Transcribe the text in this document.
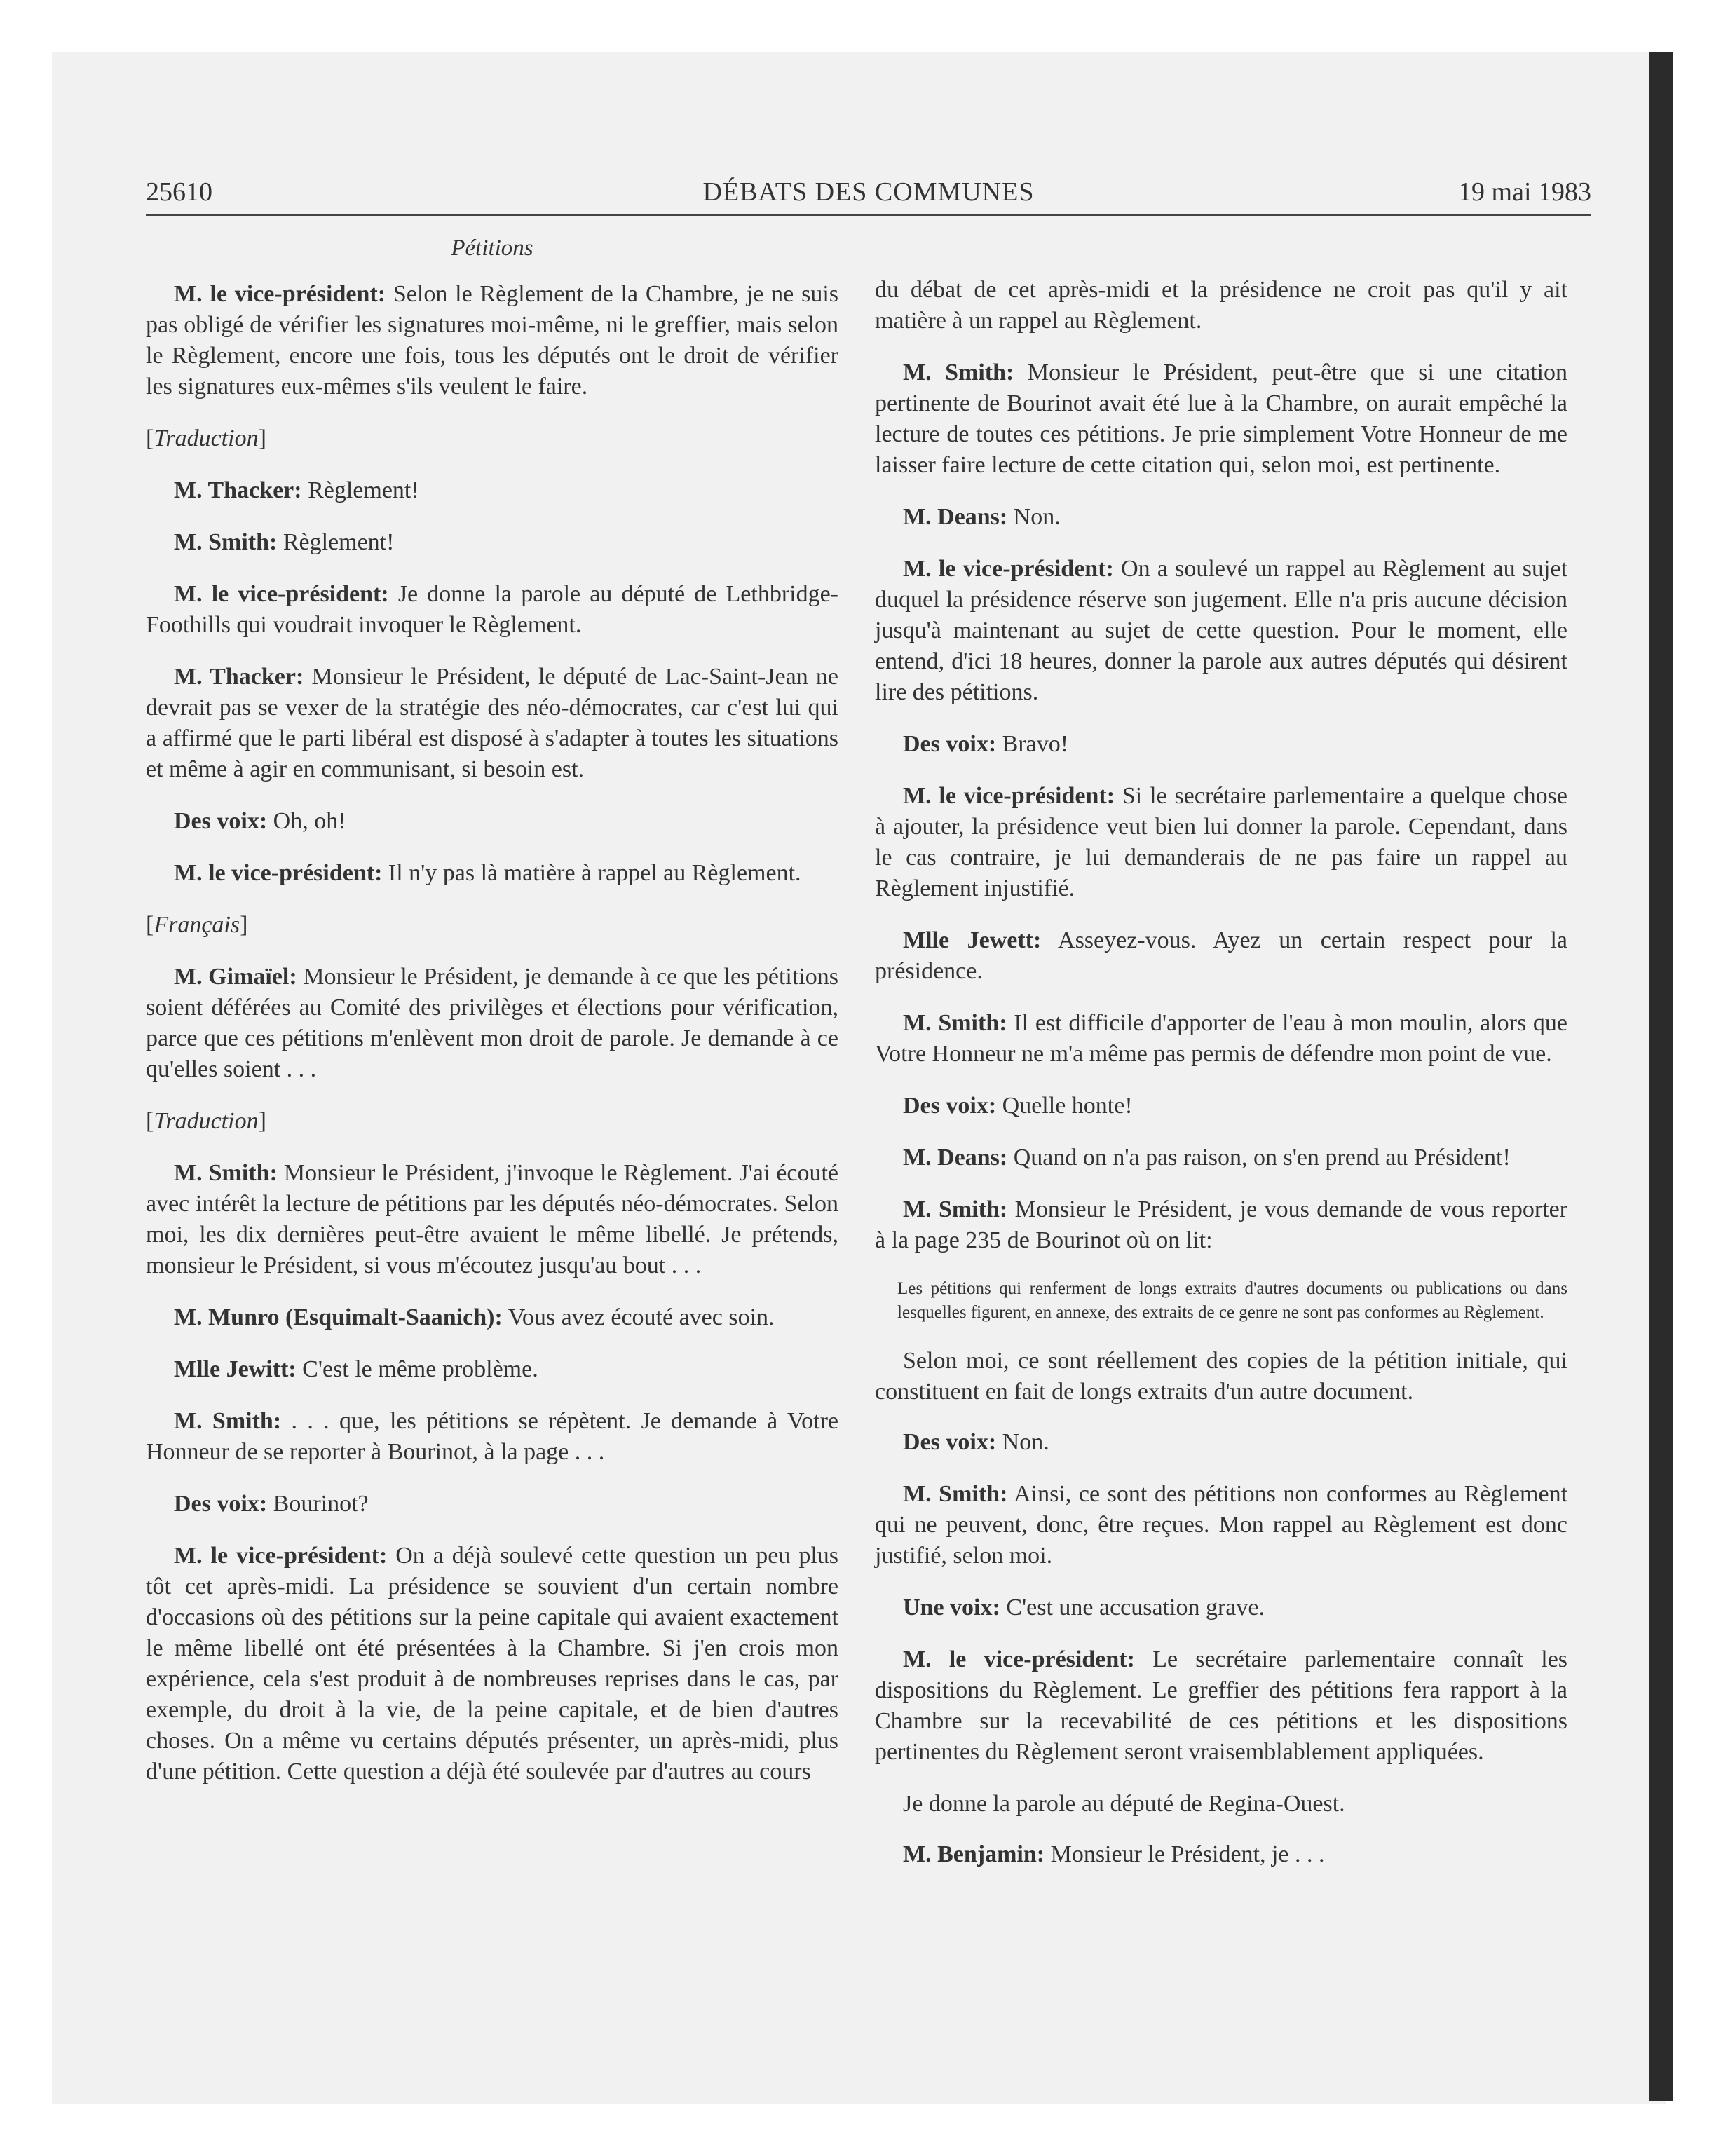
25610	DÉBATS DES COMMUNES	19 mai 1983
Pétitions

M. le vice-président: Selon le Règlement de la Chambre, je ne suis pas obligé de vérifier les signatures moi-même, ni le greffier, mais selon le Règlement, encore une fois, tous les députés ont le droit de vérifier les signatures eux-mêmes s'ils veulent le faire.

[Traduction]

M. Thacker: Règlement!

M. Smith: Règlement!

M. le vice-président: Je donne la parole au député de Lethbridge-Foothills qui voudrait invoquer le Règlement.

M. Thacker: Monsieur le Président, le député de Lac-Saint-Jean ne devrait pas se vexer de la stratégie des néo-démocrates, car c'est lui qui a affirmé que le parti libéral est disposé à s'adapter à toutes les situations et même à agir en communisant, si besoin est.

Des voix: Oh, oh!

M. le vice-président: Il n'y pas là matière à rappel au Règlement.

[Français]

M. Gimaïel: Monsieur le Président, je demande à ce que les pétitions soient déférées au Comité des privilèges et élections pour vérification, parce que ces pétitions m'enlèvent mon droit de parole. Je demande à ce qu'elles soient . . .

[Traduction]

M. Smith: Monsieur le Président, j'invoque le Règlement. J'ai écouté avec intérêt la lecture de pétitions par les députés néo-démocrates. Selon moi, les dix dernières peut-être avaient le même libellé. Je prétends, monsieur le Président, si vous m'écoutez jusqu'au bout . . .

M. Munro (Esquimalt-Saanich): Vous avez écouté avec soin.

Mlle Jewitt: C'est le même problème.

M. Smith: . . . que, les pétitions se répètent. Je demande à Votre Honneur de se reporter à Bourinot, à la page . . .

Des voix: Bourinot?

M. le vice-président: On a déjà soulevé cette question un peu plus tôt cet après-midi. La présidence se souvient d'un certain nombre d'occasions où des pétitions sur la peine capitale qui avaient exactement le même libellé ont été présentées à la Chambre. Si j'en crois mon expérience, cela s'est produit à de nombreuses reprises dans le cas, par exemple, du droit à la vie, de la peine capitale, et de bien d'autres choses. On a même vu certains députés présenter, un après-midi, plus d'une pétition. Cette question a déjà été soulevée par d'autres au cours

du débat de cet après-midi et la présidence ne croit pas qu'il y ait matière à un rappel au Règlement.

M. Smith: Monsieur le Président, peut-être que si une citation pertinente de Bourinot avait été lue à la Chambre, on aurait empêché la lecture de toutes ces pétitions. Je prie simplement Votre Honneur de me laisser faire lecture de cette citation qui, selon moi, est pertinente.

M. Deans: Non.

M. le vice-président: On a soulevé un rappel au Règlement au sujet duquel la présidence réserve son jugement. Elle n'a pris aucune décision jusqu'à maintenant au sujet de cette question. Pour le moment, elle entend, d'ici 18 heures, donner la parole aux autres députés qui désirent lire des pétitions.

Des voix: Bravo!

M. le vice-président: Si le secrétaire parlementaire a quelque chose à ajouter, la présidence veut bien lui donner la parole. Cependant, dans le cas contraire, je lui demanderais de ne pas faire un rappel au Règlement injustifié.

Mlle Jewett: Asseyez-vous. Ayez un certain respect pour la présidence.

M. Smith: Il est difficile d'apporter de l'eau à mon moulin, alors que Votre Honneur ne m'a même pas permis de défendre mon point de vue.

Des voix: Quelle honte!

M. Deans: Quand on n'a pas raison, on s'en prend au Président!

M. Smith: Monsieur le Président, je vous demande de vous reporter à la page 235 de Bourinot où on lit:

Les pétitions qui renferment de longs extraits d'autres documents ou publications ou dans lesquelles figurent, en annexe, des extraits de ce genre ne sont pas conformes au Règlement.

Selon moi, ce sont réellement des copies de la pétition initiale, qui constituent en fait de longs extraits d'un autre document.

Des voix: Non.

M. Smith: Ainsi, ce sont des pétitions non conformes au Règlement qui ne peuvent, donc, être reçues. Mon rappel au Règlement est donc justifié, selon moi.

Une voix: C'est une accusation grave.

M. le vice-président: Le secrétaire parlementaire connaît les dispositions du Règlement. Le greffier des pétitions fera rapport à la Chambre sur la recevabilité de ces pétitions et les dispositions pertinentes du Règlement seront vraisemblablement appliquées.

Je donne la parole au député de Regina-Ouest.

M. Benjamin: Monsieur le Président, je . . .
